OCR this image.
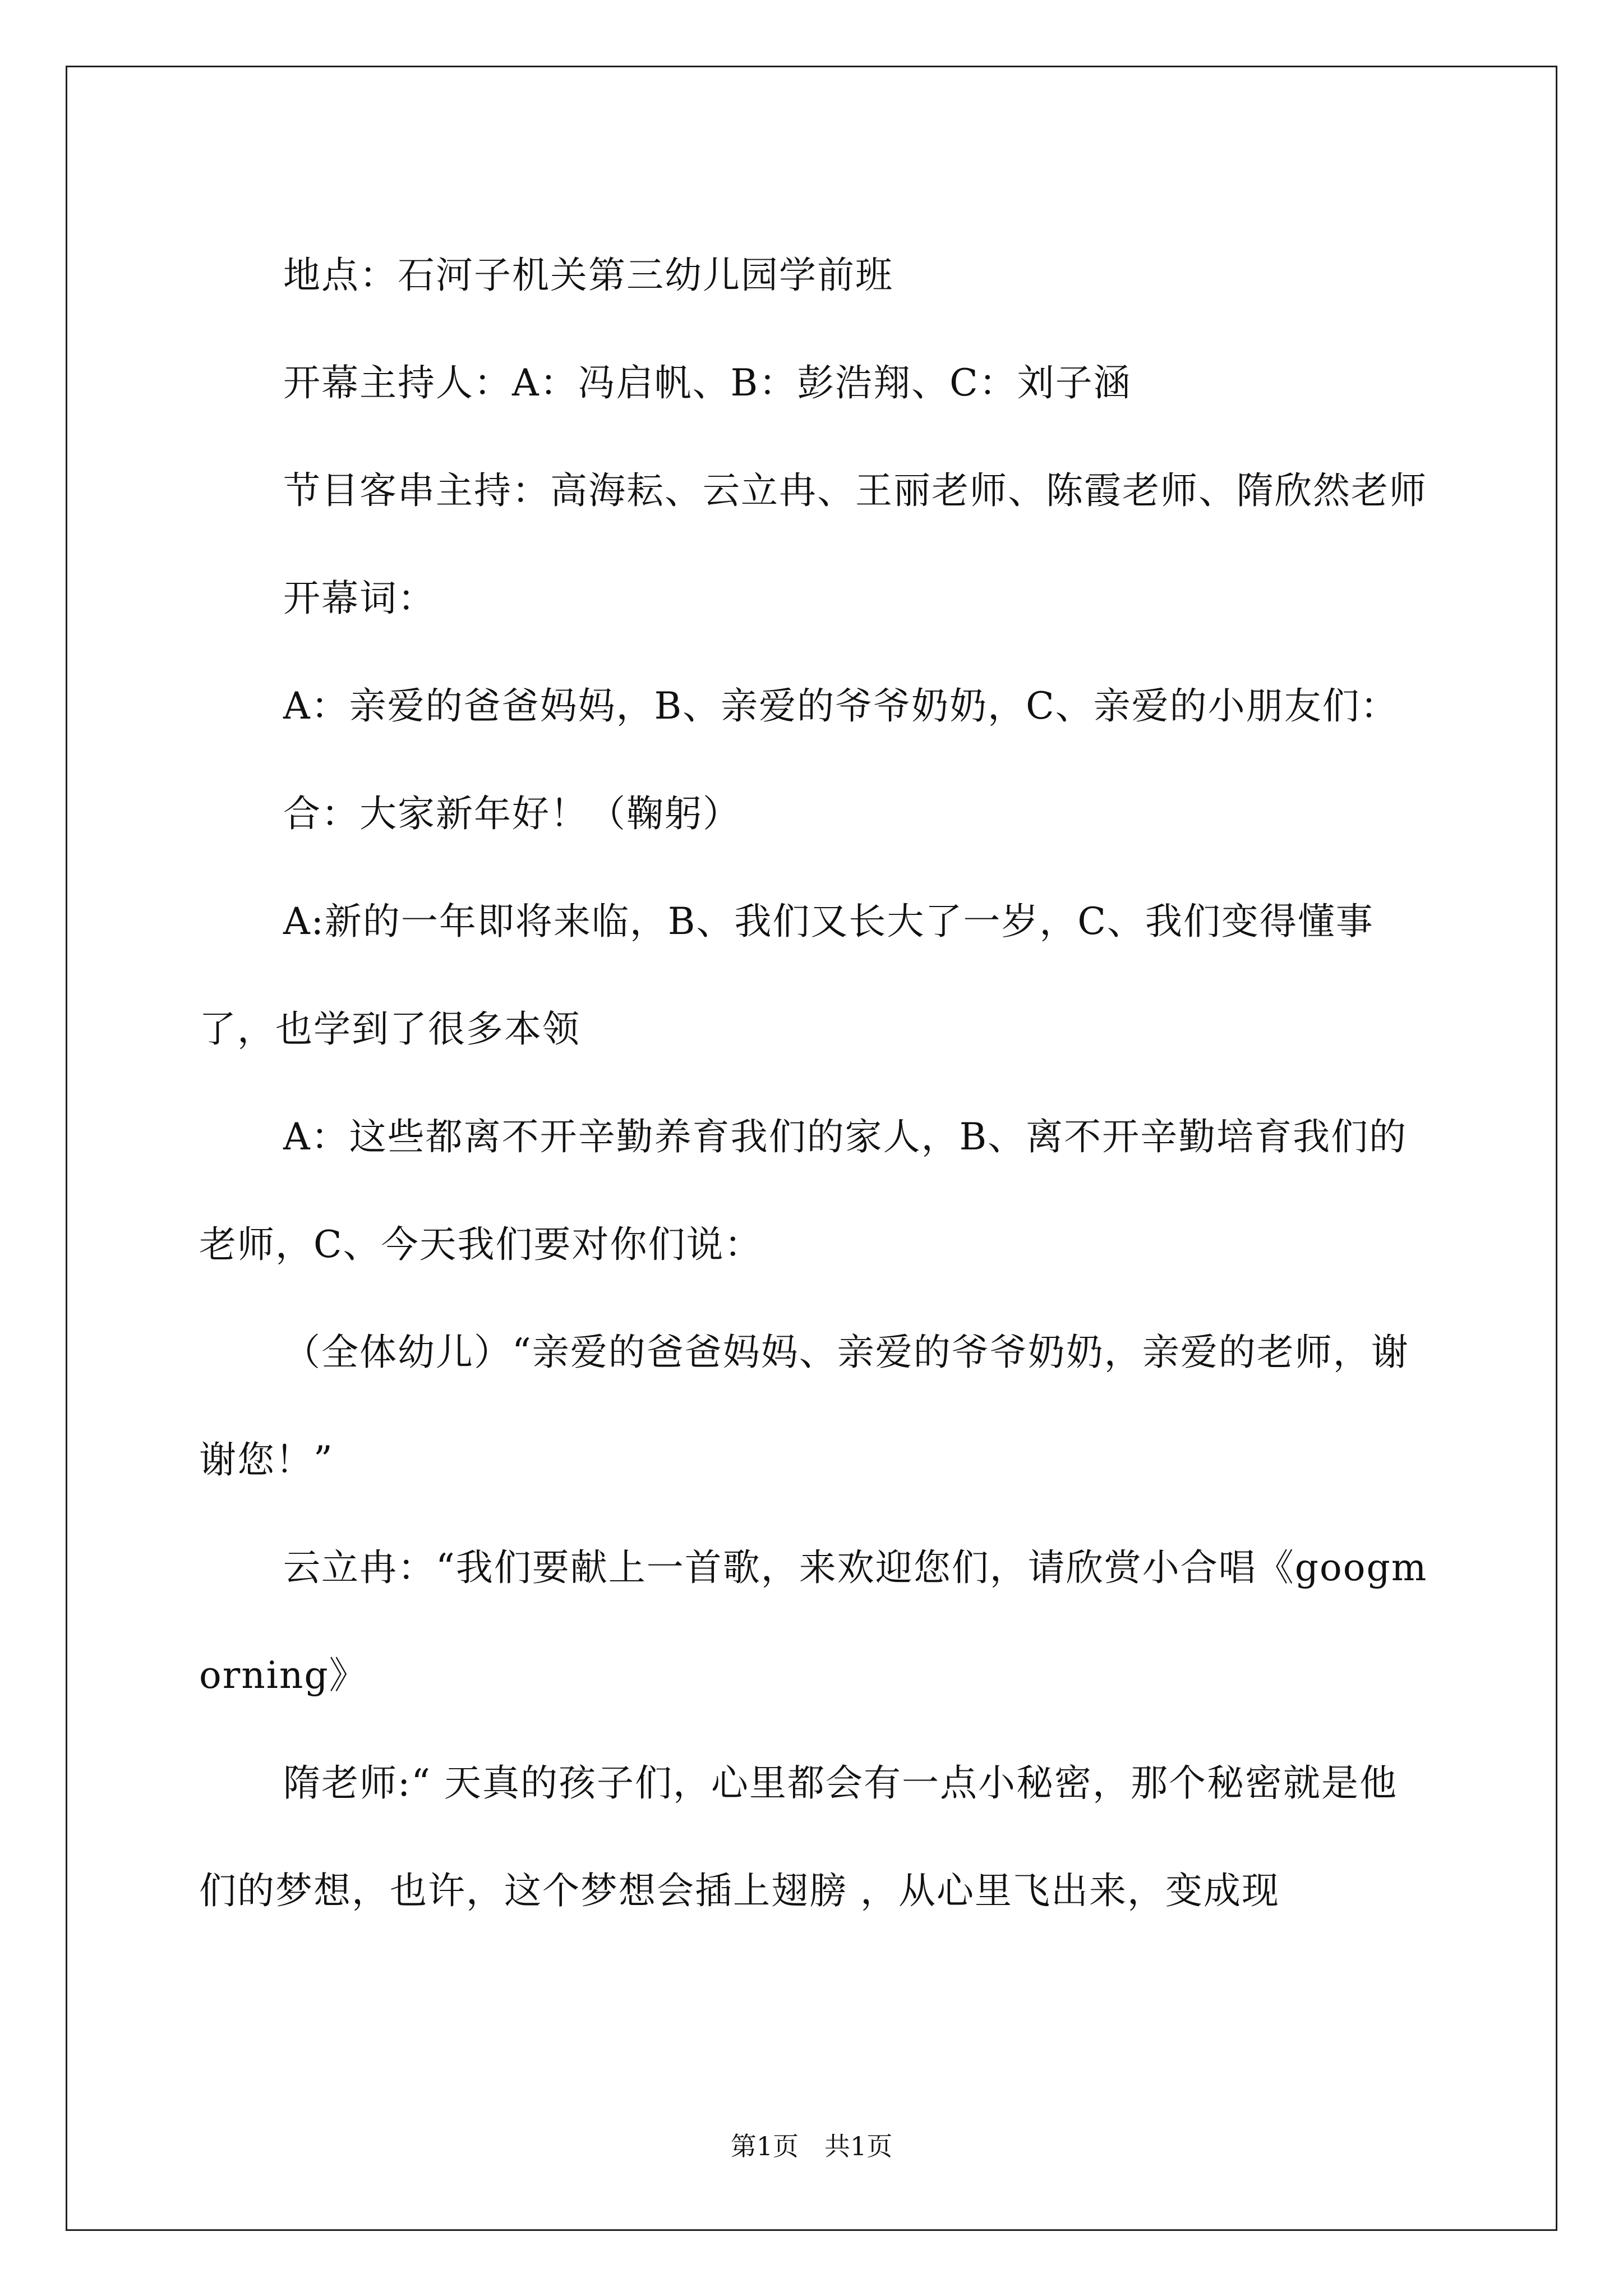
地点：石河子机关第三幼儿园学前班

开幕主持人：A：冯启帆、B：彭浩翔、C：刘子涵

节目客串主持：高海耘、云立冉、王丽老师、陈霞老师、隋欣然老师

开幕词：

A：亲爱的爸爸妈妈，B、亲爱的爷爷奶奶，C、亲爱的小朋友们：

合：大家新年好！（鞠躬）

A:新的一年即将来临，B、我们又长大了一岁，C、我们变得懂事了，也学到了很多本领

A：这些都离不开辛勤养育我们的家人，B、离不开辛勤培育我们的老师，C、今天我们要对你们说：

（全体幼儿）“亲爱的爸爸妈妈、亲爱的爷爷奶奶，亲爱的老师，谢谢您！”

云立冉：“我们要献上一首歌，来欢迎您们，请欣赏小合唱《googmorning》

隋老师:“ 天真的孩子们，心里都会有一点小秘密，那个秘密就是他们的梦想，也许，这个梦想会插上翅膀 ，从心里飞出来，变成现

第1页　共1页
